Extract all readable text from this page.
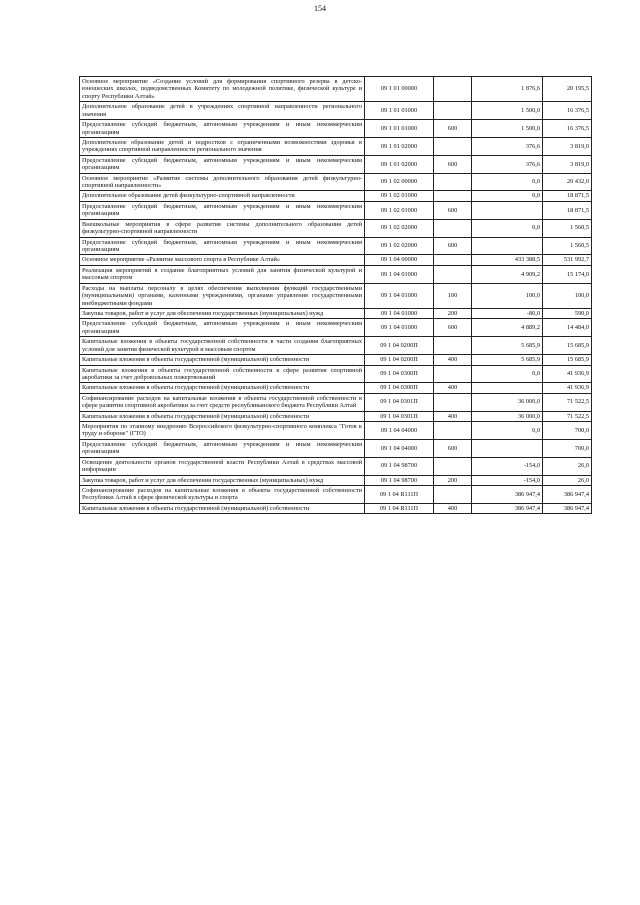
154
Основное мероприятие «Создание условий для формирования спортивного резерва в детско-юношеских школах, подведомственных Комитету по молодежной политике, физической культуре и спорту Республики Алтай»	09 1 01 00000		1 876,6	20 195,5
Дополнительное образование детей в учреждениях спортивной направленности регионального значения	09 1 01 01000		1 500,0	16 376,5
Предоставление субсидий бюджетным, автономным учреждениям и иным некоммерческим организациям	09 1 01 01000	600	1 500,0	16 376,5
Дополнительное образование детей и подростков с ограниченными возможностями здоровья в учреждениях спортивной направленности регионального значения	09 1 01 02000		376,6	3 819,0
Предоставление субсидий бюджетным, автономным учреждениям и иным некоммерческим организациям	09 1 01 02000	600	376,6	3 819,0
Основное мероприятие «Развитие системы дополнительного образования детей физкультурно-спортивной направленности»	09 1 02 00000		0,0	20 432,0
Дополнительное образование детей физкультурно-спортивной направленности	09 1 02 01000		0,0	18 871,5
Предоставление субсидий бюджетным, автономным учреждениям и иным некоммерческим организациям	09 1 02 01000	600		18 871,5
Внешкольные мероприятия в сфере развития системы дополнительного образования детей физкультурно-спортивной направленности	09 1 02 02000		0,0	1 560,5
Предоставление субсидий бюджетным, автономным учреждениям и иным некоммерческим организациям	09 1 02 02000	600		1 560,5
Основное мероприятие «Развитие массового спорта в Республике Алтай»	09 1 04 00000		433 388,5	531 992,7
Реализация мероприятий в создание благоприятных условий для занятия физической культурой и массовым спортом	09 1 04 01000		4 909,2	15 174,0
Расходы на выплаты персоналу в целях обеспечения выполнения функций государственными (муниципальными) органами, казенными учреждениями, органами управления государственными внебюджетными фондами	09 1 04 01000	100	100,0	100,0
Закупка товаров, работ и услуг для обеспечения государственных (муниципальных) нужд	09 1 04 01000	200	-80,0	590,0
Предоставление субсидий бюджетным, автономным учреждениям и иным некоммерческим организациям	09 1 04 01000	600	4 889,2	14 484,0
Капитальные вложения в объекты государственной собственности в части создания благоприятных условий для занятия физической культурой и массовым спортом	09 1 04 0200П		5 685,9	15 685,9
Капитальные вложения в объекты государственной (муниципальной) собственности	09 1 04 0200П	400	5 685,9	15 685,9
Капитальные вложения в объекты государственной собственности в сфере развития спортивной акробатики за счет добровольных пожертвований	09 1 04 0300П		0,0	41 936,9
Капитальные вложения в объекты государственной (муниципальной) собственности	09 1 04 0300П	400		41 936,9
Софинансирование расходов на капитальные вложения в объекты государственной собственности в сфере развития спортивной акробатики за счет средств республиканского бюджета Республики Алтай	09 1 04 0301П		36 000,0	71 522,5
Капитальные вложения в объекты государственной (муниципальной) собственности	09 1 04 0301П	400	36 000,0	71 522,5
Мероприятия по этапному внедрению Всероссийского физкультурно-спортивного комплекса "Готов к труду и обороне" (ГТО)	09 1 04 04000		0,0	700,0
Предоставление субсидий бюджетным, автономным учреждениям и иным некоммерческим организациям	09 1 04 04000	600		700,0
Освещение деятельности органов государственной власти Республики Алтай в средствах массовой информации	09 1 04 98700		-154,0	26,0
Закупка товаров, работ и услуг для обеспечения государственных (муниципальных) нужд	09 1 04 98700	200	-154,0	26,0
Софинансирование расходов на капитальные вложения в объекты государственной собственности Республики Алтай в сфере физической культуры и спорта	09 1 04 R111П		386 947,4	386 947,4
Капитальные вложения в объекты государственной (муниципальной) собственности	09 1 04 R111П	400	386 947,4	386 947,4
